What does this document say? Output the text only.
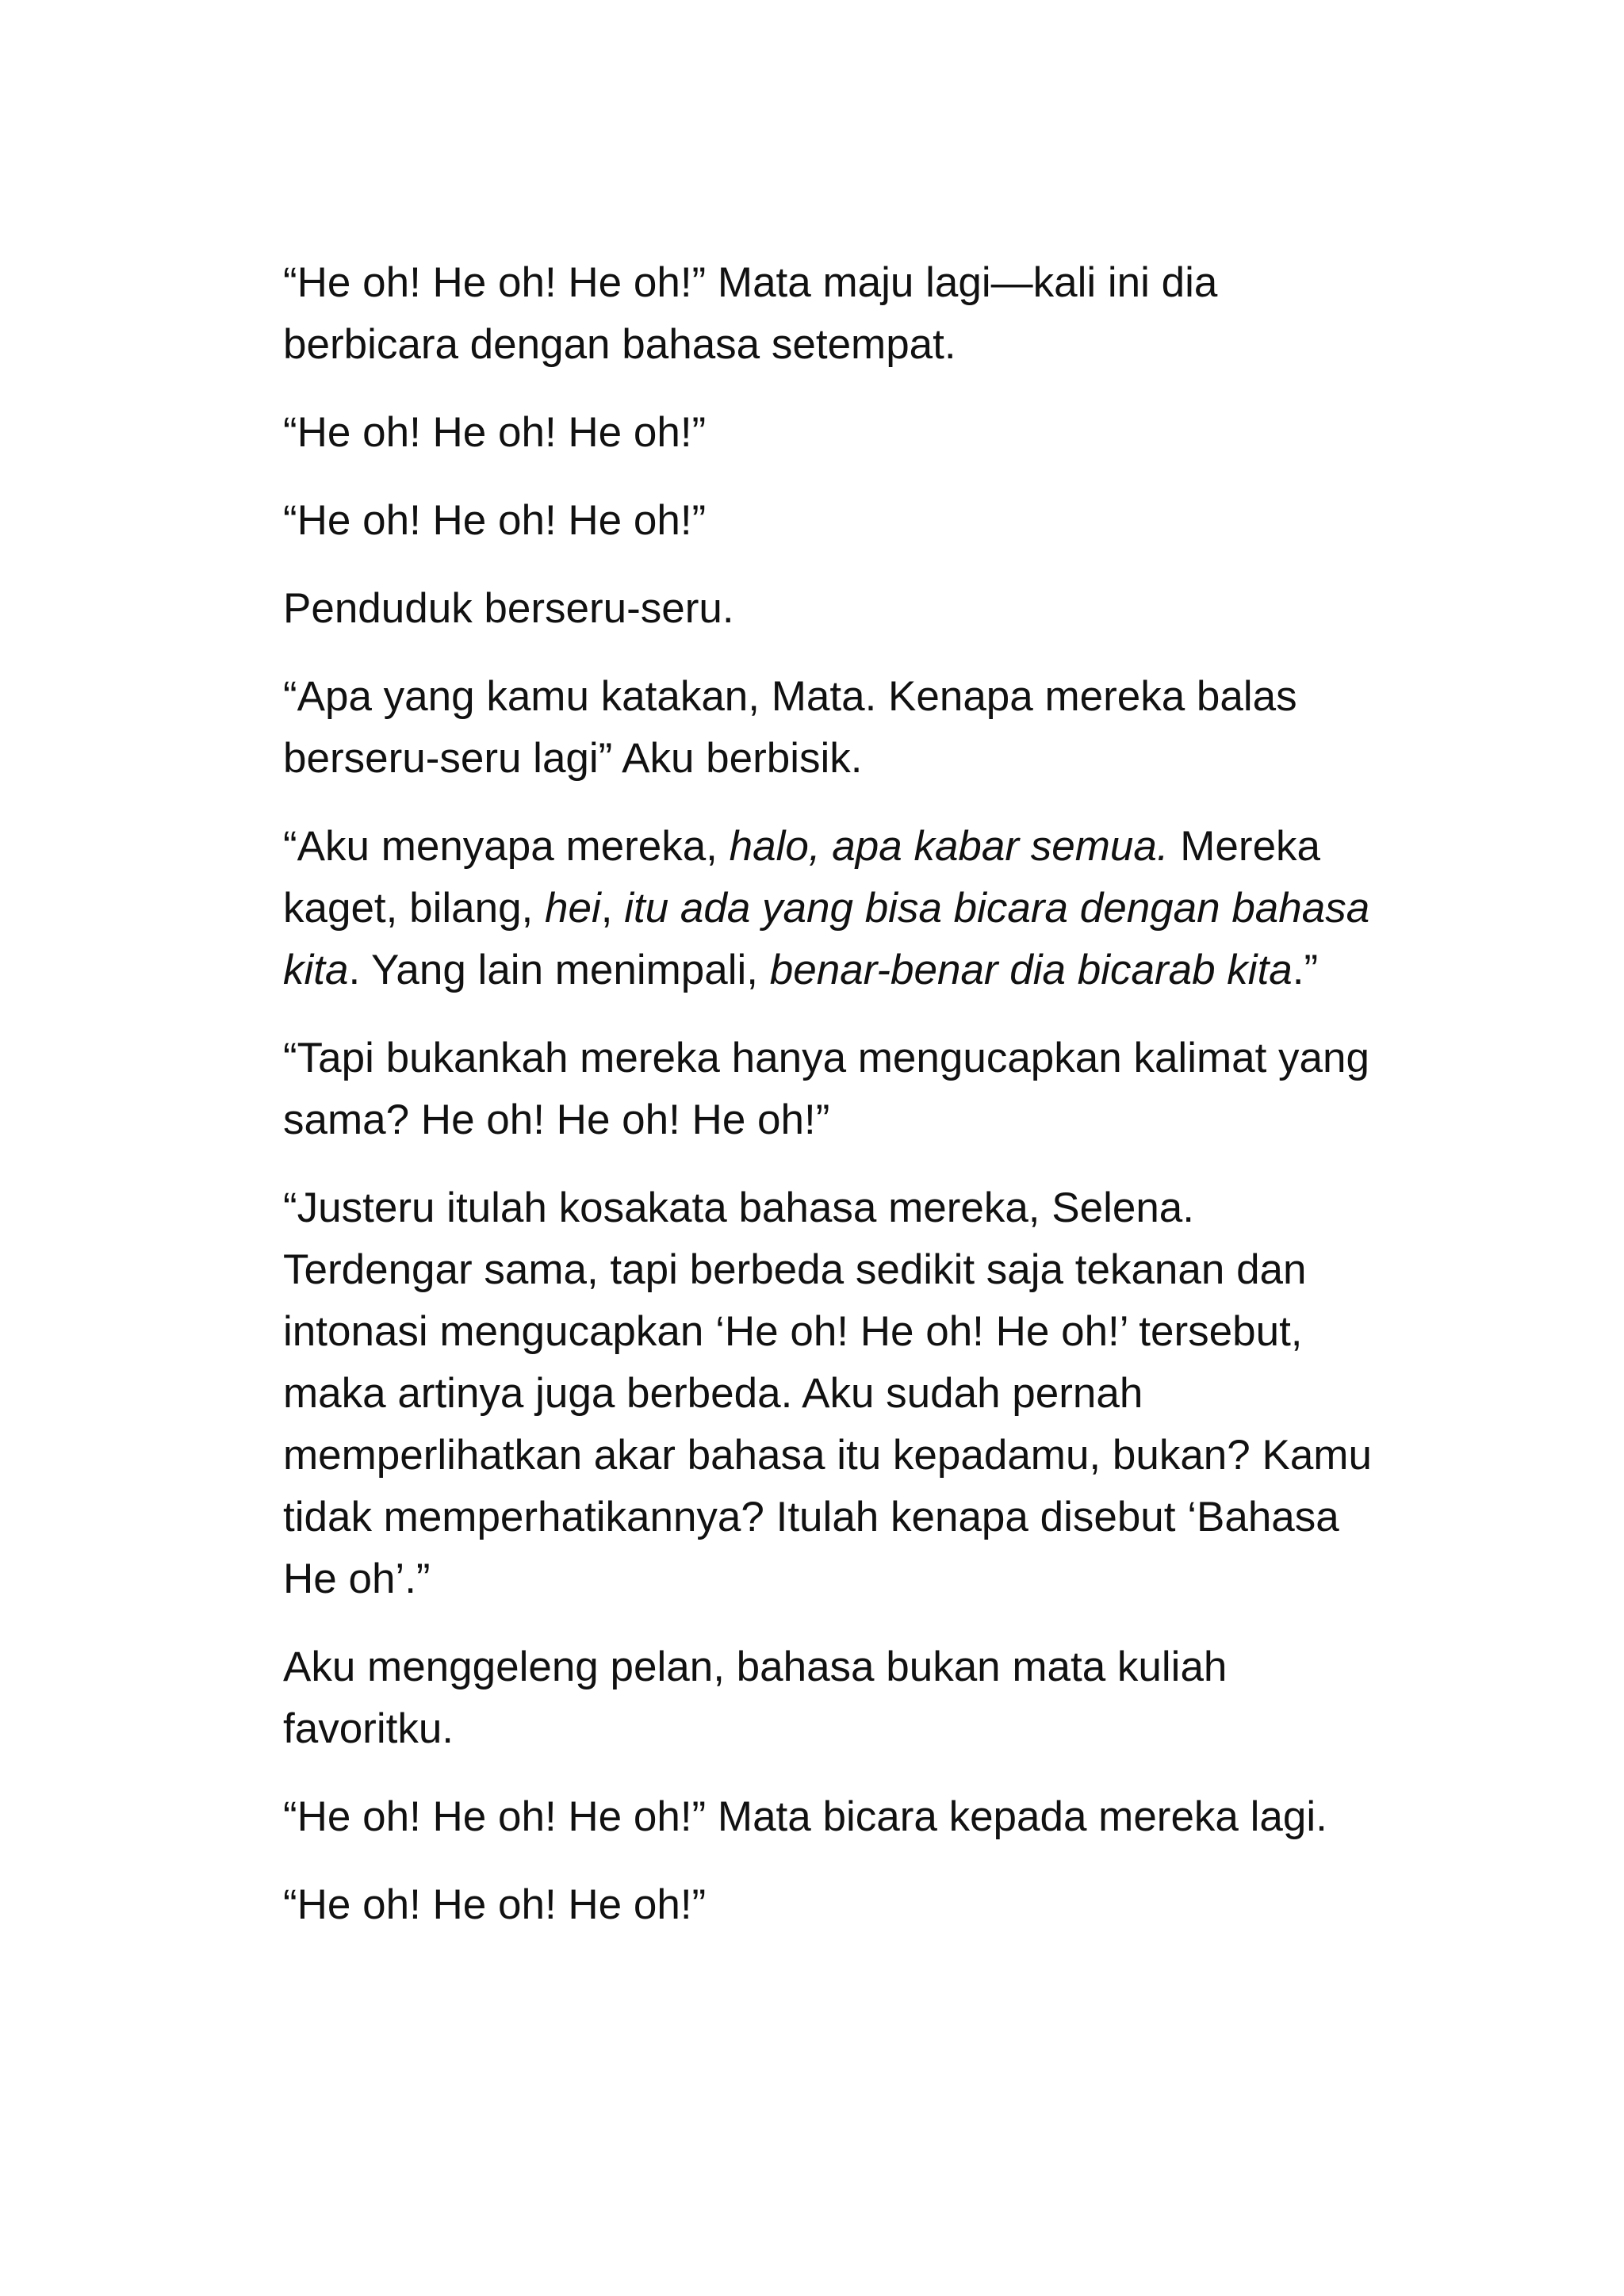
“He oh! He oh! He oh!” Mata maju lagi—kali ini dia berbicara dengan bahasa setempat.

“He oh! He oh! He oh!”

“He oh! He oh! He oh!”

Penduduk berseru-seru.

“Apa yang kamu katakan, Mata. Kenapa mereka balas berseru-seru lagi” Aku berbisik.

“Aku menyapa mereka, halo, apa kabar semua. Mereka kaget, bilang, hei, itu ada yang bisa bicara dengan bahasa kita. Yang lain menimpali, benar-benar dia bicarab kita.”

“Tapi bukankah mereka hanya mengucapkan kalimat yang sama? He oh! He oh! He oh!”

“Justeru itulah kosakata bahasa mereka, Selena. Terdengar sama, tapi berbeda sedikit saja tekanan dan intonasi mengucapkan ‘He oh! He oh! He oh!’ tersebut, maka artinya juga berbeda. Aku sudah pernah memperlihatkan akar bahasa itu kepadamu, bukan? Kamu tidak memperhatikannya? Itulah kenapa disebut ‘Bahasa He oh’.”

Aku menggeleng pelan, bahasa bukan mata kuliah favoritku.

“He oh! He oh! He oh!” Mata bicara kepada mereka lagi.

“He oh! He oh! He oh!”
